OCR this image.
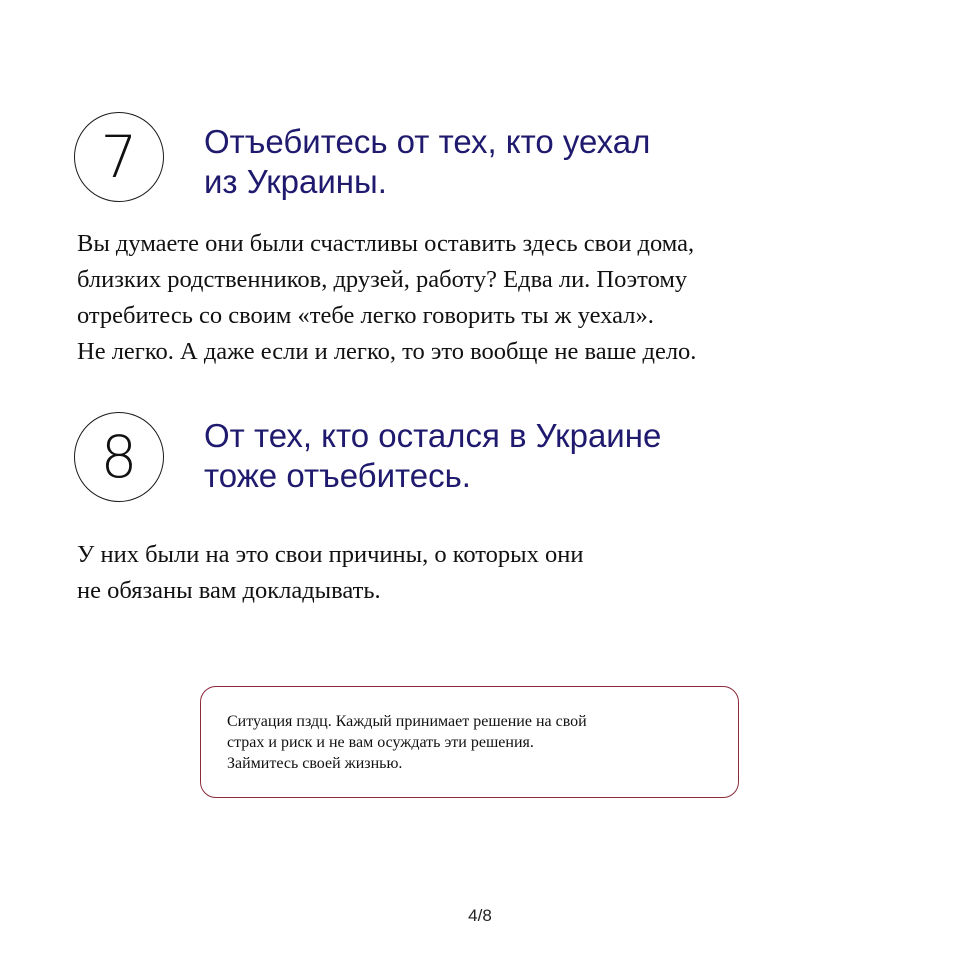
7 Отъебитесь от тех, кто уехал
из Украины.

Вы думаете они были счастливы оставить здесь свои дома,
близких родственников, друзей, работу? Едва ли. Поэтому
отребитесь со своим «тебе легко говорить ты ж уехал».
Не легко. А даже если и легко, то это вообще не ваше дело.

8 От тех, кто остался в Украине
тоже отъебитесь.

У них были на это свои причины, о которых они
не обязаны вам докладывать.

Ситуация пздц. Каждый принимает решение на свой
страх и риск и не вам осуждать эти решения.
Займитесь своей жизнью.

4/8
